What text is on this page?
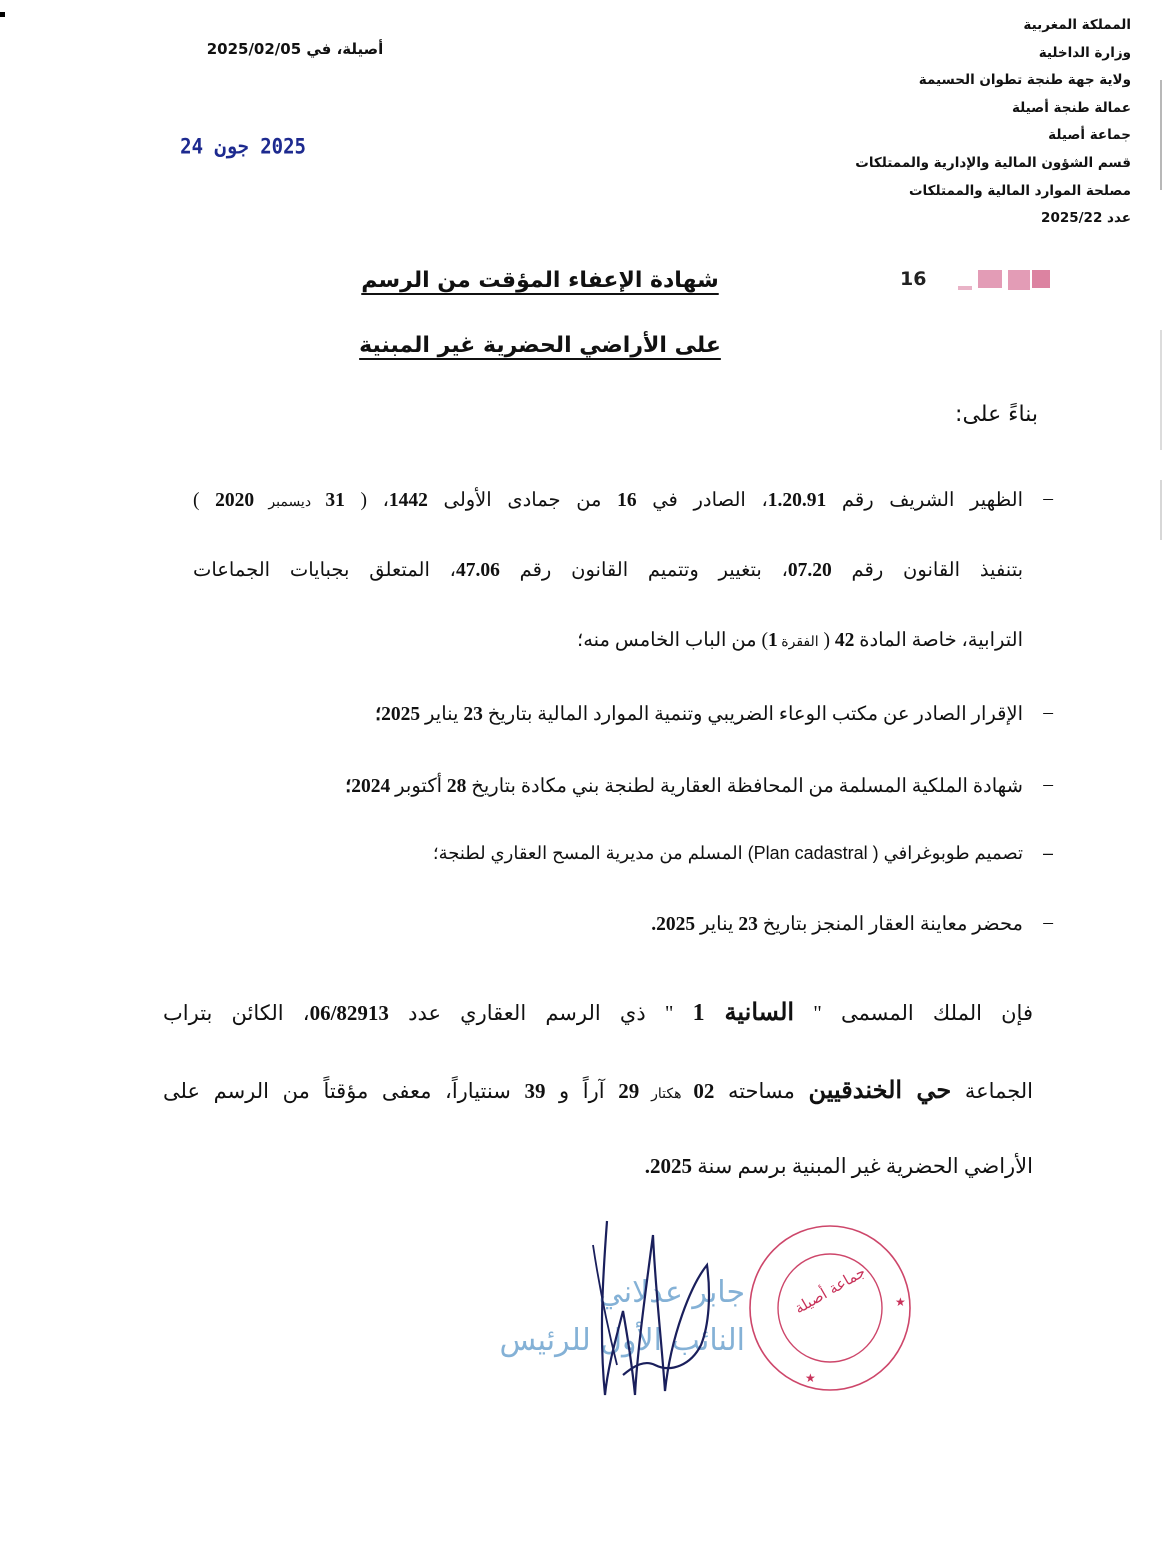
المملكة المغربية
وزارة الداخلية
ولاية جهة طنجة تطوان الحسيمة
عمالة طنجة أصيلة
جماعة أصيلة
قسم الشؤون المالية والإدارية والممتلكات
مصلحة الموارد المالية والممتلكات
عدد 2025/22
أصيلة، في 2025/02/05
2025 جون 24
16
شهادة الإعفاء المؤقت من الرسم
على الأراضي الحضرية غير المبنية
بناءً على:
–
الظهير الشريف رقم 1.20.91، الصادر في 16 من جمادى الأولى 1442، ( 31 ديسمبر 2020 )
بتنفيذ القانون رقم 07.20، بتغيير وتتميم القانون رقم 47.06، المتعلق بجبايات الجماعات
الترابية، خاصة المادة 42 ( الفقرة 1) من الباب الخامس منه؛
–
الإقرار الصادر عن مكتب الوعاء الضريبي وتنمية الموارد المالية بتاريخ 23 يناير 2025؛
–
شهادة الملكية المسلمة من المحافظة العقارية لطنجة بني مكادة بتاريخ 28 أكتوبر 2024؛
–
تصميم طوبوغرافي ( Plan cadastral) المسلم من مديرية المسح العقاري لطنجة؛
–
محضر معاينة العقار المنجز بتاريخ 23 يناير 2025.
فإن الملك المسمى " السانية 1 " ذي الرسم العقاري عدد 06/82913، الكائن بتراب
الجماعة حي الخندقيين مساحته 02 هكتار 29 آراً و 39 سنتياراً، معفى مؤقتاً من الرسم على
الأراضي الحضرية غير المبنية برسم سنة 2025.
جابر عدلاني
النائب الأول للرئيس
★
★
جماعة أصيلة
